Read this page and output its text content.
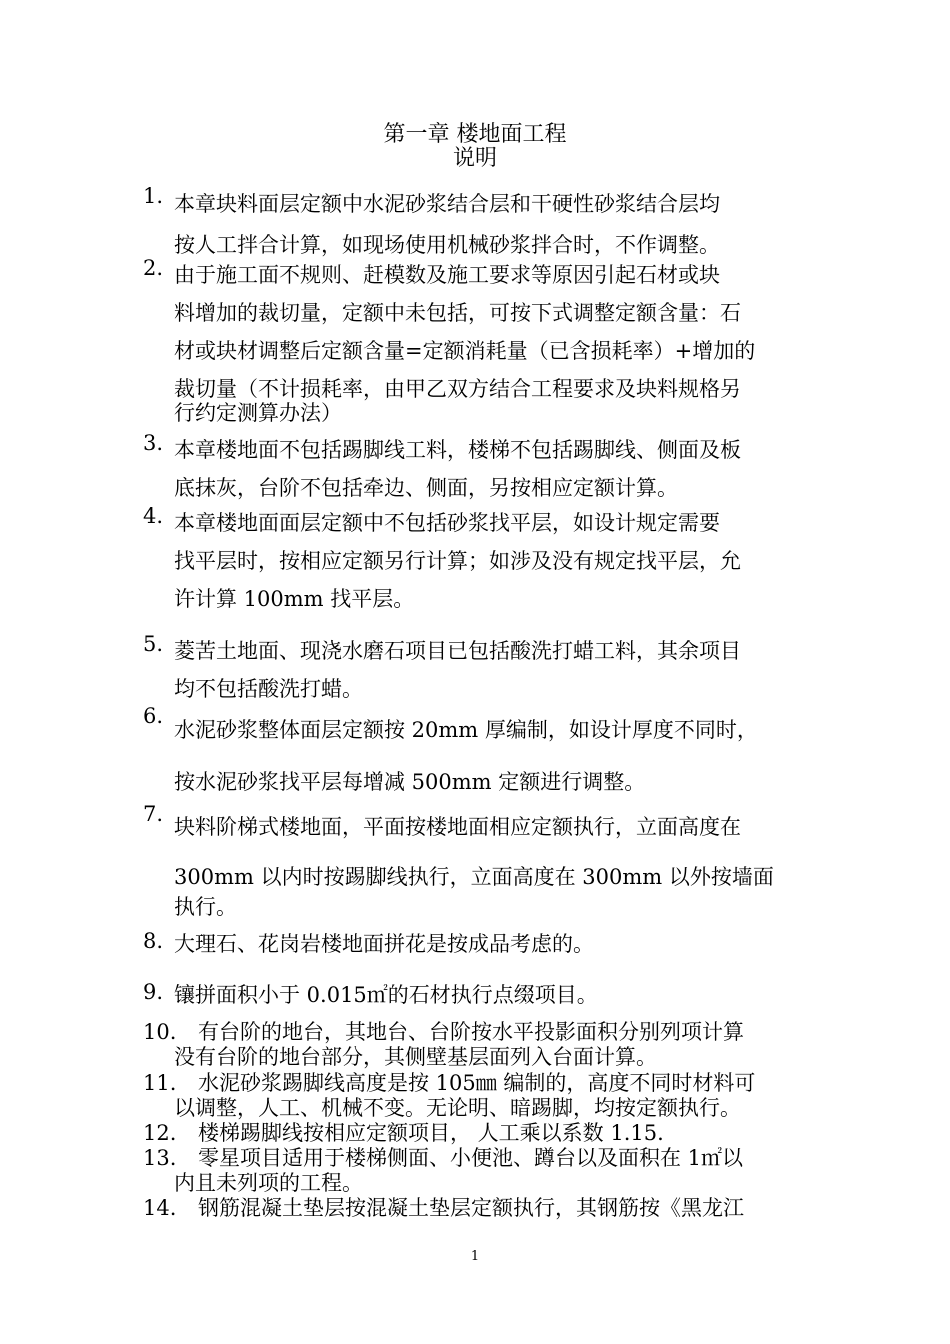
第一章 楼地面工程
说明
1. 本章块料面层定额中水泥砂浆结合层和干硬性砂浆结合层均
按人工拌合计算，如现场使用机械砂浆拌合时，不作调整。

2. 由于施工面不规则、赶模数及施工要求等原因引起石材或块
料增加的裁切量，定额中未包括，可按下式调整定额含量：石
材或块材调整后定额含量=定额消耗量（已含损耗率）+增加的
裁切量（不计损耗率，由甲乙双方结合工程要求及块料规格另

行约定测算办法）

3. 本章楼地面不包括踢脚线工料，楼梯不包括踢脚线、侧面及板
底抹灰，台阶不包括牵边、侧面，另按相应定额计算。

4. 本章楼地面面层定额中不包括砂浆找平层，如设计规定需要
找平层时，按相应定额另行计算；如涉及没有规定找平层，允
许计算 100mm 找平层。

5. 菱苦土地面、现浇水磨石项目已包括酸洗打蜡工料，其余项目
均不包括酸洗打蜡。

6.

水泥砂浆整体面层定额按 20mm 厚编制，如设计厚度不同时，
按水泥砂浆找平层每增减 500mm 定额进行调整。

7.

块料阶梯式楼地面，平面按楼地面相应定额执行，立面高度在
300mm 以内时按踢脚线执行，立面高度在 300mm 以外按墙面

执行。

8. 大理石、花岗岩楼地面拼花是按成品考虑的。

9. 镶拼面积小于 0.015㎡的石材执行点缀项目。

10. 有台阶的地台，其地台、台阶按水平投影面积分别列项计算

没有台阶的地台部分，其侧壁基层面列入台面计算。

11. 水泥砂浆踢脚线高度是按 105㎜ 编制的，高度不同时材料可

以调整，人工、机械不变。无论明、暗踢脚，均按定额执行。

12. 楼梯踢脚线按相应定额项目， 人工乘以系数 1.15.

13. 零星项目适用于楼梯侧面、小便池、蹲台以及面积在 1㎡以

内且未列项的工程。

14. 钢筋混凝土垫层按混凝土垫层定额执行，其钢筋按《黑龙江

1
